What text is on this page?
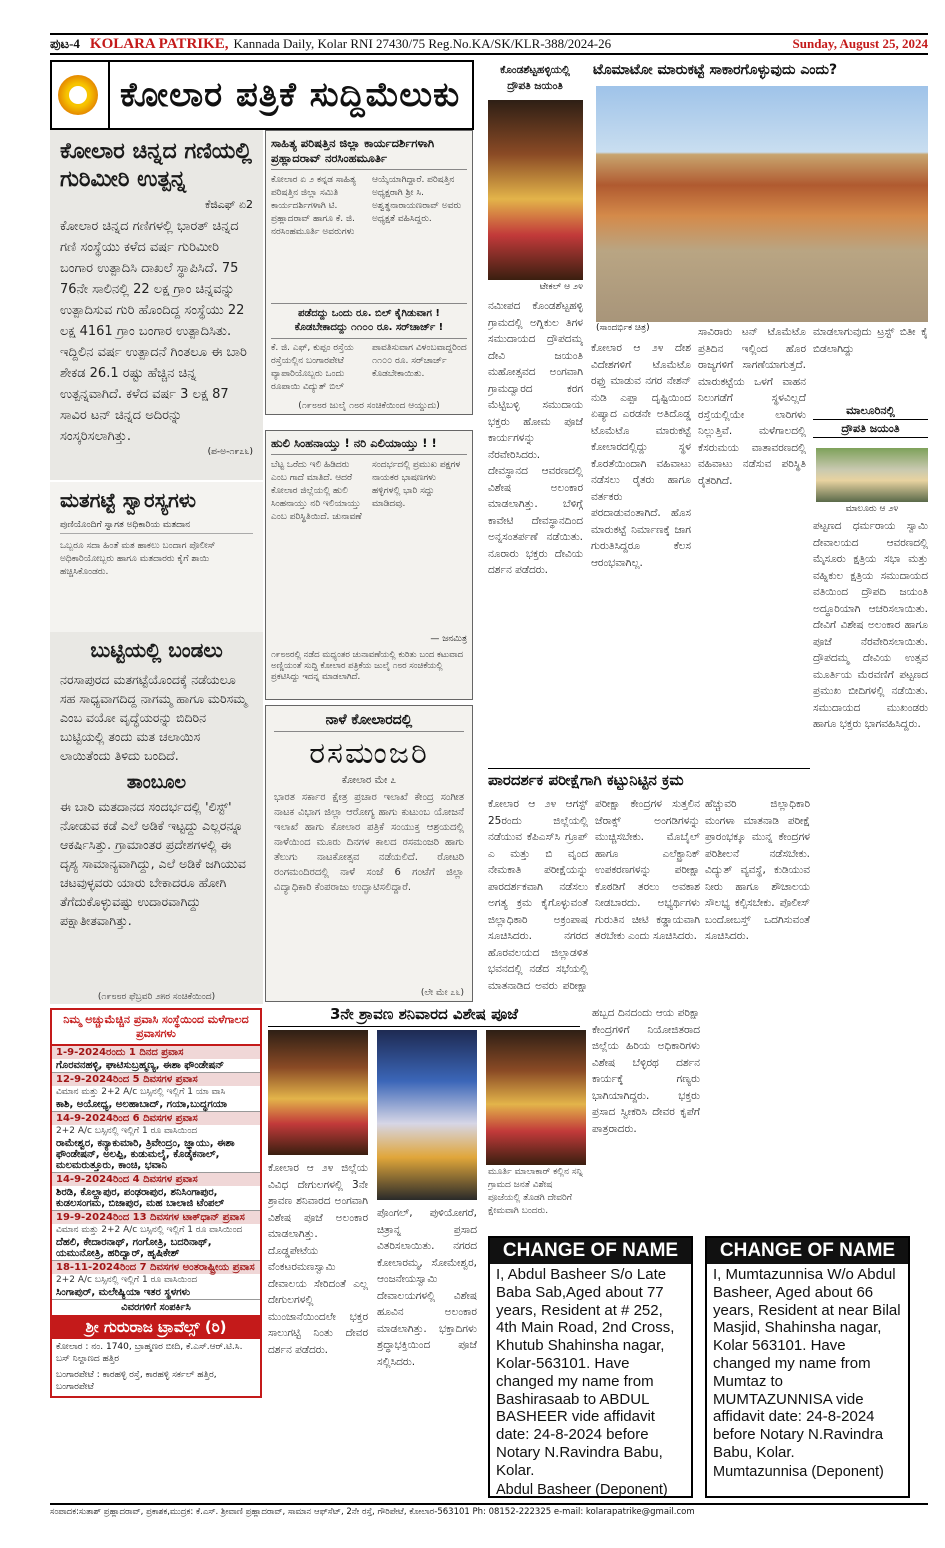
ಪುಟ-4 KOLARA PATRIKE, Kannada Daily, Kolar RNI 27430/75 Reg.No.KA/SK/KLR-388/2024-26	Sunday, August 25, 2024
ಕೋಲಾರ ಪತ್ರಿಕೆ ಸುದ್ದಿಮೆಲುಕು
ಕೋಲಾರ ಚಿನ್ನದ ಗಣಿಯಲ್ಲಿ ಗುರಿಮೀರಿ ಉತ್ಪನ್ನ
ಕೆಜಿಎಫ್ ಏ2
ಕೋಲಾರ ಚಿನ್ನದ ಗಣಿಗಳಲ್ಲಿ ಭಾರತ್ ಚಿನ್ನದ ಗಣಿ ಸಂಸ್ಥೆಯು ಕಳೆದ ವರ್ಷ ಗುರಿಮೀರಿ ಬಂಗಾರ ಉತ್ಪಾದಿಸಿ ದಾಖಲೆ ಸ್ಥಾಪಿಸಿದೆ. 75 76ನೇ ಸಾಲಿನಲ್ಲಿ 22 ಲಕ್ಷ ಗ್ರಾಂ ಚಿನ್ನವನ್ನು ಉತ್ಪಾದಿಸುವ ಗುರಿ ಹೊಂದಿದ್ದ ಸಂಸ್ಥೆಯು 22 ಲಕ್ಷ 4161 ಗ್ರಾಂ ಬಂಗಾರ ಉತ್ಪಾದಿಸಿತು. ಇದ್ದಿಲಿನ ವರ್ಷ ಉತ್ಪಾದನೆ ಗಿಂತಲೂ ಈ ಬಾರಿ ಶೇಕಡ 26.1 ರಷ್ಟು ಹೆಚ್ಚಿನ ಚಿನ್ನ ಉತ್ಪನ್ನವಾಗಿದೆ. ಕಳೆದ ವರ್ಷ 3 ಲಕ್ಷ 87 ಸಾವಿರ ಟನ್ ಚಿನ್ನದ ಅದಿರನ್ನು ಸಂಸ್ಕರಿಸಲಾಗಿತ್ತು.
(ಪ-ಅ-೧೯೭೬)
ಮತಗಟ್ಟೆ ಸ್ವಾರಸ್ಯಗಳು
ಪುಣಿಯೊಂದಿಗೆ ಸ್ವಾಗತ ಅಧಿಕಾರಿಯ ಮತದಾನ
ಒಬ್ಬರೂ ಸದಾ ಹಿಂತೆ ಮತ ಹಾಕಲು ಬಂದಾಗ ಪೊಲೀಸ್ ಅಧಿಕಾರಿಯೋಬ್ಬರು ಹಾಗೂ ಮತದಾರರು ಕೈಗೆ ಶಾಯಿ ಹಚ್ಚಿಸಿಕೊಂಡರು.
ಬುಟ್ಟಿಯಲ್ಲಿ ಬಂಡಲು
ನರಸಾಪುರದ ಮತಗಟ್ಟೆಯೊಂದಕ್ಕೆ ನಡೆಯಲೂ ಸಹ ಸಾಧ್ಯವಾಗದಿದ್ದ ನಾಗಮ್ಮ ಹಾಗೂ ಮರಿಸಮ್ಮ ಎಂಬ ವಯೋ ವೃದ್ಧೆಯರನ್ನು ಬಿದಿರಿನ ಬುಟ್ಟಿಯಲ್ಲಿ ತಂದು ಮತ ಚಲಾಯಿಸ ಲಾಯಿತೆಂದು ತಿಳಿದು ಬಂದಿದೆ.
ತಾಂಬೂಲ
ಈ ಬಾರಿ ಮತದಾನದ ಸಂದರ್ಭದಲ್ಲಿ 'ಲಿಸ್ಟ್' ನೋಡುವ ಕಡೆ ಎಲೆ ಅಡಿಕೆ ಇಟ್ಟದ್ದು ಎಲ್ಲರನ್ನೂ ಆಕರ್ಷಿಸಿತ್ತು. ಗ್ರಾಮಾಂತರ ಪ್ರದೇಶಗಳಲ್ಲಿ ಈ ದೃಶ್ಯ ಸಾಮಾನ್ಯವಾಗಿದ್ದು, ಎಲೆ ಅಡಿಕೆ ಜಗಿಯುವ ಚಟವುಳ್ಳವರು ಯಾರು ಬೇಕಾದರೂ ಹೋಗಿ ತೆಗೆದುಕೊಳ್ಳುವಷ್ಟು ಉದಾರವಾಗಿದ್ದು ಪಕ್ಷಾತೀತವಾಗಿತ್ತು.
(೧೯೮೮ರ ಫೆಬ್ರವರಿ ೨೫ರ ಸಂಚಿಕೆಯಿಂದ)
ಸಾಹಿತ್ಯ ಪರಿಷತ್ತಿನ ಜಿಲ್ಲಾ ಕಾರ್ಯದರ್ಶಿಗಳಾಗಿ ಪ್ರಹ್ಲಾದರಾವ್ ನರಸಿಂಹಮೂರ್ತಿ
ಕೋಲಾರ ಏ ೨ ಕನ್ನಡ ಸಾಹಿತ್ಯ ಪರಿಷತ್ತಿನ ಜಿಲ್ಲಾ ಸಮಿತಿ ಕಾರ್ಯದರ್ಶಿಗಳಾಗಿ ಟಿ. ಪ್ರಹ್ಲಾದರಾವ್ ಹಾಗೂ ಕೆ. ಜಿ. ನರಸಿಂಹಮೂರ್ತಿ ಅವರುಗಳು ಆಯ್ಕೆಯಾಗಿದ್ದಾರೆ. ಪರಿಷತ್ತಿನ ಅಧ್ಯಕ್ಷರಾಗಿ ಶ್ರೀ ಸಿ. ಅಶ್ವತ್ಥನಾರಾಯಣರಾವ್ ಅವರು ಅಧ್ಯಕ್ಷತೆ ವಹಿಸಿದ್ದರು.
ಪಡೆದದ್ದು ಒಂದು ರೂ. ಬಿಲ್ ಕೈಗಿಡುವಾಗ ! ಕೊಡಬೇಕಾದದ್ದು ೧೧೦೦ ರೂ. ಸರ್‌ಚಾರ್ಜ್ !
ಕೆ. ಜಿ. ಎಫ್, ಕುಪ್ಪಂ ರಸ್ತೆಯ ರಸ್ತೆಯಲ್ಲಿನ ಬಂಗಾರಪೇಟೆ ವ್ಯಾಪಾರಿಯೊಬ್ಬರು ಒಂದು ರೂಪಾಯಿ ವಿದ್ಯುತ್ ಬಿಲ್ ಪಾವತಿಸುವಾಗ ವಿಳಂಬವಾದ್ದರಿಂದ ೧೧೦೦ ರೂ. ಸರ್‌ಚಾರ್ಜ್ ಕೊಡಬೇಕಾಯಿತು.
(೧೯೮೮ರ ಜುಲೈ ೧೮ರ ಸಂಚಿಕೆಯಿಂದ ಆಯ್ದುದು)
ಹುಲಿ ಸಿಂಹನಾಯ್ತು ! ನರಿ ಎಲಿಯಾಯ್ತು ! !
ಬೆಟ್ಟ ಒರೆದು ಇಲಿ ಹಿಡಿದರು ಎಂಬ ಗಾದೆ ಮಾತಿದೆ. ಆದರೆ ಕೋಲಾರ ಜಿಲ್ಲೆಯಲ್ಲಿ ಹುಲಿ ಸಿಂಹನಾಯ್ತು ನರಿ ಇಲಿಯಾಯ್ತು ಎಂಬ ಪರಿಸ್ಥಿತಿಯಿದೆ. ಚುನಾವಣೆ ಸಂದರ್ಭದಲ್ಲಿ ಪ್ರಮುಖ ಪಕ್ಷಗಳ ನಾಯಕರ ಭಾಷಣಗಳು ಹಳ್ಳಿಗಳಲ್ಲಿ ಭಾರಿ ಸದ್ದು ಮಾಡಿದವು.
— ಜನಮಿತ್ರ
೧೯೮೮ರಲ್ಲಿ ನಡೆದ ಮಧ್ಯಂತರ ಚುನಾವಣೆಯಲ್ಲಿ ಕುರಿತು ಬಂದ ಕಟುವಾದ ಅಣ್ಣಿಯಂತೆ ಸುದ್ದಿ ಕೋಲಾರ ಪತ್ರಿಕೆಯ ಜುಲೈ ೧೮ರ ಸಂಚಿಕೆಯಲ್ಲಿ ಪ್ರಕಟಿಸಿದ್ದು ಇದನ್ನ ಮಾಡಲಾಗಿದೆ.
ನಾಳೆ ಕೋಲಾರದಲ್ಲಿ
ರಸಮಂಜರಿ
ಕೋಲಾರ ಮೇ ೭
ಭಾರತ ಸರ್ಕಾರ ಕ್ಷೇತ್ರ ಪ್ರಚಾರ ಇಲಾಖೆ ಕೇಂದ್ರ ಸಂಗೀತ ನಾಟಕ ವಿಭಾಗ ಜಿಲ್ಲಾ ಆರೋಗ್ಯ ಹಾಗು ಕುಟುಂಬ ಯೋಜನೆ ಇಲಾಖೆ ಹಾಗು ಕೋಲಾರ ಪತ್ರಿಕೆ ಸಂಯುಕ್ತ ಆಶ್ರಯದಲ್ಲಿ ನಾಳೆಯಿಂದ ಮೂರು ದಿನಗಳ ಕಾಲದ ರಸಮಂಜರಿ ಹಾಗು ತೆಲುಗು ನಾಟಕೋತ್ಸವ ನಡೆಯಲಿದೆ. ರೋಟರಿ ರಂಗಮಂದಿರದಲ್ಲಿ ನಾಳೆ ಸಂಜೆ 6 ಗಂಟೆಗೆ ಜಿಲ್ಲಾ ವಿದ್ಯಾಧಿಕಾರಿ ಕೆಂಪರಾಜು ಉದ್ಘಾಟಿಸಲಿದ್ದಾರೆ.
(ಲೇ ಮೇ ೭೬)
ಕೊಂಡಶೆಟ್ಟಹಳ್ಳಿಯಲ್ಲಿ
ದ್ರೌಪತಿ ಜಯಂತಿ
ಟೇಕಲ್ ಆ ೨೪
ನಮೀಪದ ಕೊಂಡಶೆಟ್ಟಹಳ್ಳಿ ಗ್ರಾಮದಲ್ಲಿ ಅಗ್ನಿಕುಲ ತಿಗಳ ಸಮುದಾಯದ ದ್ರೌಪದಮ್ಮ ದೇವಿ ಜಯಂತಿ ಮಹೋತ್ಸವದ ಅಂಗವಾಗಿ ಗ್ರಾಮದ್ವಾರದ ಕರಗ ಮೆಟ್ಟಿಬಳ್ಳಿ ಸಮುದಾಯ ಭಕ್ತರು ಹೋಮ ಪೂಜೆ ಕಾರ್ಯಗಳನ್ನು ನೆರವೇರಿಸಿದರು. ದೇವಸ್ಥಾನದ ಆವರಣದಲ್ಲಿ ವಿಶೇಷ ಅಲಂಕಾರ ಮಾಡಲಾಗಿತ್ತು. ಬೆಳಿಗ್ಗೆ ಕಾವೇಟಿ ದೇವಸ್ಥಾನದಿಂದ ಅನ್ನಸಂತರ್ಪಣೆ ನಡೆಯಿತು. ನೂರಾರು ಭಕ್ತರು ದೇವಿಯ ದರ್ಶನ ಪಡೆದರು.
ಟೊಮಾಟೋ ಮಾರುಕಟ್ಟೆ ಸಾಕಾರಗೊಳ್ಳುವುದು ಎಂದು?
(ಸಾಂದರ್ಭಿಕ ಚಿತ್ರ)
ಕೋಲಾರ ಆ ೨೪ ದೇಶ ವಿದೇಶಗಳಿಗೆ ಟೊಮೆಟೊ ರಫ್ತು ಮಾಡುವ ನಗರ ನೇಶನ್ ನುಡಿ ಎಪ್ಪಾ ದೃಷ್ಟಿಯಿಂದ ಏಷ್ಯಾದ ಎರಡನೇ ಅತಿದೊಡ್ಡ ಟೊಮೆಟೊ ಮಾರುಕಟ್ಟೆ ಕೋಲಾರದಲ್ಲಿದ್ದು ಸ್ಥಳ ಕೊರತೆಯಿಂದಾಗಿ ವಹಿವಾಟು ನಡೆಸಲು ರೈತರು ಹಾಗೂ ವರ್ತಕರು ಪರದಾಡುವಂತಾಗಿದೆ. ಹೊಸ ಮಾರುಕಟ್ಟೆ ನಿರ್ಮಾಣಕ್ಕೆ ಜಾಗ ಗುರುತಿಸಿದ್ದರೂ ಕೆಲಸ ಆರಂಭವಾಗಿಲ್ಲ.
ಸಾವಿರಾರು ಟನ್ ಟೊಮೆಟೊ ಪ್ರತಿದಿನ ಇಲ್ಲಿಂದ ಹೊರ ರಾಜ್ಯಗಳಿಗೆ ಸಾಗಣೆಯಾಗುತ್ತದೆ. ಮಾರುಕಟ್ಟೆಯ ಒಳಗೆ ವಾಹನ ನಿಲುಗಡೆಗೆ ಸ್ಥಳವಿಲ್ಲದೆ ರಸ್ತೆಯಲ್ಲಿಯೇ ಲಾರಿಗಳು ನಿಲ್ಲುತ್ತಿವೆ. ಮಳೆಗಾಲದಲ್ಲಿ ಕೆಸರುಮಯ ವಾತಾವರಣದಲ್ಲಿ ವಹಿವಾಟು ನಡೆಸುವ ಪರಿಸ್ಥಿತಿ ರೈತರಿಗಿದೆ.
ಮಾಡಲಾಗುವುದು ಟ್ರಸ್ಟ್ ಬಿತೀ ಕೈ ಬಿಡಲಾಗಿದ್ದು
ಮಾಲೂರಿನಲ್ಲಿ
ದ್ರೌಪತಿ ಜಯಂತಿ
ಮಾಲೂರು ಆ ೨೪
ಪಟ್ಟಣದ ಧರ್ಮರಾಯ ಸ್ವಾಮಿ ದೇವಾಲಯದ ಆವರಣದಲ್ಲಿ ಮೈಸೂರು ಕ್ಷತ್ರಿಯ ಸಭಾ ಮತ್ತು ವಹ್ನಿಕುಲ ಕ್ಷತ್ರಿಯ ಸಮುದಾಯದ ವತಿಯಿಂದ ದ್ರೌಪದಿ ಜಯಂತಿ ಅದ್ಧೂರಿಯಾಗಿ ಆಚರಿಸಲಾಯಿತು. ದೇವಿಗೆ ವಿಶೇಷ ಅಲಂಕಾರ ಹಾಗೂ ಪೂಜೆ ನೆರವೇರಿಸಲಾಯಿತು. ದ್ರೌಪದಮ್ಮ ದೇವಿಯ ಉತ್ಸವ ಮೂರ್ತಿಯ ಮೆರವಣಿಗೆ ಪಟ್ಟಣದ ಪ್ರಮುಖ ಬೀದಿಗಳಲ್ಲಿ ನಡೆಯಿತು. ಸಮುದಾಯದ ಮುಖಂಡರು ಹಾಗೂ ಭಕ್ತರು ಭಾಗವಹಿಸಿದ್ದರು.
ಪಾರದರ್ಶಕ ಪರೀಕ್ಷೆಗಾಗಿ ಕಟ್ಟುನಿಟ್ಟಿನ ಕ್ರಮ
ಕೋಲಾರ ಆ ೨೪ ಆಗಸ್ಟ್ 25ರಂದು ಜಿಲ್ಲೆಯಲ್ಲಿ ನಡೆಯುವ ಕೆಪಿಎಸ್‌ಸಿ ಗ್ರೂಪ್ ಎ ಮತ್ತು ಬಿ ವೃಂದ ನೇಮಕಾತಿ ಪರೀಕ್ಷೆಯನ್ನು ಪಾರದರ್ಶಕವಾಗಿ ನಡೆಸಲು ಅಗತ್ಯ ಕ್ರಮ ಕೈಗೊಳ್ಳುವಂತೆ ಜಿಲ್ಲಾಧಿಕಾರಿ ಅಕ್ರಂಪಾಷ ಸೂಚಿಸಿದರು. ನಗರದ ಹೊರವಲಯದ ಜಿಲ್ಲಾಡಳಿತ ಭವನದಲ್ಲಿ ನಡೆದ ಸಭೆಯಲ್ಲಿ ಮಾತನಾಡಿದ ಅವರು ಪರೀಕ್ಷಾ
ಪರೀಕ್ಷಾ ಕೇಂದ್ರಗಳ ಸುತ್ತಲಿನ ಜೆರಾಕ್ಸ್ ಅಂಗಡಿಗಳನ್ನು ಮುಚ್ಚಿಸಬೇಕು. ಮೊಬೈಲ್ ಹಾಗೂ ಎಲೆಕ್ಟ್ರಾನಿಕ್ ಉಪಕರಣಗಳನ್ನು ಪರೀಕ್ಷಾ ಕೊಠಡಿಗೆ ತರಲು ಅವಕಾಶ ನೀಡಬಾರದು. ಅಭ್ಯರ್ಥಿಗಳು ಗುರುತಿನ ಚೀಟಿ ಕಡ್ಡಾಯವಾಗಿ ತರಬೇಕು ಎಂದು ಸೂಚಿಸಿದರು.
ಹೆಚ್ಚುವರಿ ಜಿಲ್ಲಾಧಿಕಾರಿ ಮಂಗಳಾ ಮಾತನಾಡಿ ಪರೀಕ್ಷೆ ಪ್ರಾರಂಭಕ್ಕೂ ಮುನ್ನ ಕೇಂದ್ರಗಳ ಪರಿಶೀಲನೆ ನಡೆಸಬೇಕು. ವಿದ್ಯುತ್ ವ್ಯವಸ್ಥೆ, ಕುಡಿಯುವ ನೀರು ಹಾಗೂ ಶೌಚಾಲಯ ಸೌಲಭ್ಯ ಕಲ್ಪಿಸಬೇಕು. ಪೊಲೀಸ್ ಬಂದೋಬಸ್ತ್ ಒದಗಿಸುವಂತೆ ಸೂಚಿಸಿದರು.
3ನೇ ಶ್ರಾವಣ ಶನಿವಾರದ ವಿಶೇಷ ಪೂಜೆ
ಮೂರ್ತಿ ಮಾಲಾಕಾರ್ ಕಲ್ಲಿನ ಸನ್ನಿ ಗ್ರಾಮದ ಜನತೆ ವಿಶೇಷ ಪೂಜೆಯಲ್ಲಿ ತೊಡಗಿ ದೇವರಿಗೆ ಕ್ಷೇಮವಾಗಿ ಬಂದರು.
ಕೋಲಾರ ಆ ೨೪ ಜಿಲ್ಲೆಯ ವಿವಿಧ ದೇಗುಲಗಳಲ್ಲಿ 3ನೇ ಶ್ರಾವಣ ಶನಿವಾರದ ಅಂಗವಾಗಿ ವಿಶೇಷ ಪೂಜೆ ಅಲಂಕಾರ ಮಾಡಲಾಗಿತ್ತು. ದೊಡ್ಡಪೇಟೆಯ ವೆಂಕಟರಮಣಸ್ವಾಮಿ ದೇವಾಲಯ ಸೇರಿದಂತೆ ಎಲ್ಲ ದೇಗುಲಗಳಲ್ಲಿ ಮುಂಜಾನೆಯಿಂದಲೇ ಭಕ್ತರ ಸಾಲುಗಟ್ಟಿ ನಿಂತು ದೇವರ ದರ್ಶನ ಪಡೆದರು.
ಪೊಂಗಲ್, ಪುಳಿಯೋಗರೆ, ಚಿತ್ರಾನ್ನ ಪ್ರಸಾದ ವಿತರಿಸಲಾಯಿತು. ನಗರದ ಕೋಲಾರಮ್ಮ, ಸೋಮೇಶ್ವರ, ಆಂಜನೇಯಸ್ವಾಮಿ ದೇವಾಲಯಗಳಲ್ಲಿ ವಿಶೇಷ ಹೂವಿನ ಅಲಂಕಾರ ಮಾಡಲಾಗಿತ್ತು. ಭಕ್ತಾದಿಗಳು ಶ್ರದ್ಧಾಭಕ್ತಿಯಿಂದ ಪೂಜೆ ಸಲ್ಲಿಸಿದರು.
ಹಬ್ಬದ ದಿನದಂದು ಆಯ ಪರಿಕ್ಷಾ ಕೇಂದ್ರಗಳಿಗೆ ನಿಯೋಜಿತರಾದ ಜಿಲ್ಲೆಯ ಹಿರಿಯ ಅಧಿಕಾರಿಗಳು ವಿಶೇಷ ಬೆಳ್ಳಿರಥ ದರ್ಶನ ಕಾರ್ಯಕ್ಕೆ ಗಣ್ಯರು ಭಾಗಿಯಾಗಿದ್ದರು. ಭಕ್ತರು ಪ್ರಸಾದ ಸ್ವೀಕರಿಸಿ ದೇವರ ಕೃಪೆಗೆ ಪಾತ್ರರಾದರು.
ನಿಮ್ಮ ಅಚ್ಚುಮೆಚ್ಚಿನ ಪ್ರವಾಸಿ ಸಂಸ್ಥೆಯಿಂದ ಮಳೆಗಾಲದ ಪ್ರವಾಸಗಳು
1-9-2024ರಂದು 1 ದಿನದ ಪ್ರವಾಸ
ಗೊರವನಹಳ್ಳಿ, ಘಾಟಿಸುಬ್ರಹ್ಮಣ್ಯ, ಈಶಾ ಫೌಂಡೇಷನ್
12-9-2024ರಿಂದ 5 ದಿವಸಗಳ ಪ್ರವಾಸ
ವಿಮಾನ ಮತ್ತು 2+2 A/c ಬಸ್ಸಿನಲ್ಲಿ ಇಲ್ಲಿಗೆ 1 ಯಾ ವಾಸಿ
ಕಾಶಿ, ಅಯೋಧ್ಯ, ಅಲಹಾಬಾದ್, ಗಯಾ,ಬುದ್ಧಗಯಾ
14-9-2024ರಿಂದ 6 ದಿವಸಗಳ ಪ್ರವಾಸ
2+2 A/c ಬಸ್ಸಿನಲ್ಲಿ ಇಲ್ಲಿಗೆ 1 ರೂ ವಾಸಿಯಿಂದ
ರಾಮೇಶ್ವರ, ಕನ್ಯಾಕುಮಾರಿ, ತ್ರಿವೇಂದ್ರಂ, ಜ್ಞಾಯು, ಈಶಾ ಫೌಂಡೇಷನ್, ಅಲಪ್ಪಿ, ಕುಡುಮಲೈ, ಕೊಡೈಕನಾಲ್, ಮಲಮರುತ್ತೂರು, ಕಾಂಚಿ, ಭವಾನಿ
14-9-2024ರಿಂದ 4 ದಿವಸಗಳ ಪ್ರವಾಸ
ಶಿರಡಿ, ಕೊಲ್ಹಾಪುರ, ಪಂಢರಾಪುರ, ಶನಿಸಿಂಗಾಪುರ, ಕುಡಲಸಂಗಮ, ಬಿಜಾಪುರ, ಮಹ ಬಾಲಾಜಿ ಟೆಂಪಲ್
19-9-2024ರಿಂದ 13 ದಿವಸಗಳ ಟಾಕ್‌ಧಾನ್ ಪ್ರವಾಸ
ವಿಮಾನ ಮತ್ತು 2+2 A/c ಬಸ್ಸಿನಲ್ಲಿ ಇಲ್ಲಿಗೆ 1 ರೂ ವಾಸಿಯಿಂದ
ದೆಹಲಿ, ಕೇದಾರನಾಥ್, ಗಂಗೋತ್ರಿ, ಬದರಿನಾಥ್, ಯಮುನೋತ್ರಿ, ಹರಿದ್ವಾರ್, ಹೃಷಿಕೇಶ್
18-11-2024ರಿಂದ 7 ದಿವಸಗಳ ಅಂತರಾಷ್ಟ್ರೀಯ ಪ್ರವಾಸ
2+2 A/c ಬಸ್ಸಿನಲ್ಲಿ ಇಲ್ಲಿಗೆ 1 ರೂ ವಾಸಿಯಿಂದ
ಸಿಂಗಾಪುರ್, ಮಲೇಷ್ಯಿಯಾ ಇತರ ಸ್ಥಳಗಳು
ವಿವರಗಳಿಗೆ ಸಂಪರ್ಕಿಸಿ
ಶ್ರೀ ಗುರುರಾಜ ಟ್ರಾವೆಲ್ಸ್ (ರಿ)
ಕೋಲಾರ : ನಂ. 1740, ಬ್ರಾಹ್ಮಣರ ಬೀದಿ, ಕೆ.ಎಸ್.ಆರ್.ಟಿ.ಸಿ. ಬಸ್ ನಿಲ್ದಾಣದ ಹತ್ತಿರ
ಬಂಗಾರಪೇಟೆ : ಕಾರಹಳ್ಳಿ ರಸ್ತೆ, ಕಾರಹಳ್ಳಿ ಸರ್ಕಲ್ ಹತ್ತಿರ, ಬಂಗಾರಪೇಟೆ
CHANGE OF NAME
I, Abdul Basheer S/o Late Baba Sab,Aged about 77 years, Resident at # 252, 4th Main Road, 2nd Cross, Khutub Shahinsha nagar, Kolar-563101. Have changed my name from Bashirasaab to ABDUL BASHEER vide affidavit date: 24-8-2024 before Notary N.Ravindra Babu, Kolar.
Abdul Basheer (Deponent)
CHANGE OF NAME
I, Mumtazunnisa W/o Abdul Basheer, Aged about 66 years, Resident at near Bilal Masjid, Shahinsha nagar, Kolar 563101. Have changed my name from Mumtaz to MUMTAZUNNISA vide affidavit date: 24-8-2024 before Notary N.Ravindra Babu, Kolar.
Mumtazunnisa (Deponent)
ಸಂಪಾದಕ:ಸುತಾಶ್ ಪ್ರಹ್ಲಾದರಾವ್, ಪ್ರಕಾಶಕ,ಮುದ್ರಕ: ಕೆ.ಎಸ್. ಶ್ರೀವಾಣಿ ಪ್ರಹ್ಲಾದರಾವ್, ಸಾಮಾನ ಆಫ್‌ಸೆಟ್, 2ನೇ ರಸ್ತೆ, ಗೌರಿಪೇಟೆ, ಕೋಲಾರ-563101 Ph: 08152-222325 e-mail: kolarapatrike@gmail.com
